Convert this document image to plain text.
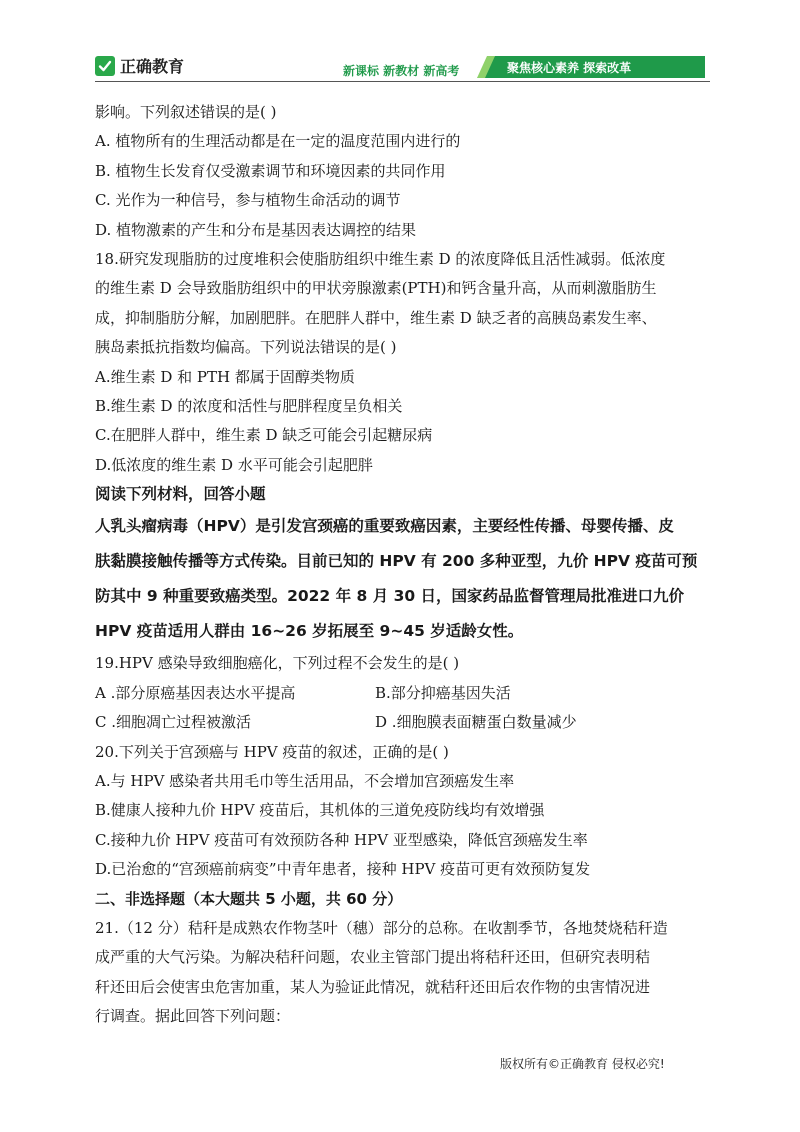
正确教育	新课标 新教材 新高考	聚焦核心素养 探索改革
影响。下列叙述错误的是( )
A. 植物所有的生理活动都是在一定的温度范围内进行的
B. 植物生长发育仅受激素调节和环境因素的共同作用
C. 光作为一种信号，参与植物生命活动的调节
D. 植物激素的产生和分布是基因表达调控的结果
18.研究发现脂肪的过度堆积会使脂肪组织中维生素 D 的浓度降低且活性减弱。低浓度
的维生素 D 会导致脂肪组织中的甲状旁腺激素(PTH)和钙含量升高，从而刺激脂肪生
成，抑制脂肪分解，加剧肥胖。在肥胖人群中，维生素 D 缺乏者的高胰岛素发生率、
胰岛素抵抗指数均偏高。下列说法错误的是( )
A.维生素 D 和 PTH 都属于固醇类物质
B.维生素 D 的浓度和活性与肥胖程度呈负相关
C.在肥胖人群中，维生素 D 缺乏可能会引起糖尿病
D.低浓度的维生素 D 水平可能会引起肥胖
阅读下列材料，回答小题
人乳头瘤病毒（HPV）是引发宫颈癌的重要致癌因素，主要经性传播、母婴传播、皮
肤黏膜接触传播等方式传染。目前已知的 HPV 有 200 多种亚型，九价 HPV 疫苗可预
防其中 9 种重要致癌类型。2022 年 8 月 30 日，国家药品监督管理局批准进口九价
HPV 疫苗适用人群由 16~26 岁拓展至 9~45 岁适龄女性。
19.HPV 感染导致细胞癌化，下列过程不会发生的是( )
A .部分原癌基因表达水平提高	B.部分抑癌基因失活
C .细胞凋亡过程被激活	D .细胞膜表面糖蛋白数量减少
20.下列关于宫颈癌与 HPV 疫苗的叙述，正确的是( )
A.与 HPV 感染者共用毛巾等生活用品，不会增加宫颈癌发生率
B.健康人接种九价 HPV 疫苗后，其机体的三道免疫防线均有效增强
C.接种九价 HPV 疫苗可有效预防各种 HPV 亚型感染，降低宫颈癌发生率
D.已治愈的“宫颈癌前病变”中青年患者，接种 HPV 疫苗可更有效预防复发
二、非选择题（本大题共 5 小题，共 60 分）
21.（12 分）秸秆是成熟农作物茎叶（穗）部分的总称。在收割季节，各地焚烧秸秆造
成严重的大气污染。为解决秸秆问题，农业主管部门提出将秸秆还田，但研究表明秸
秆还田后会使害虫危害加重，某人为验证此情况，就秸秆还田后农作物的虫害情况进
行调查。据此回答下列问题：
版权所有©正确教育 侵权必究!
